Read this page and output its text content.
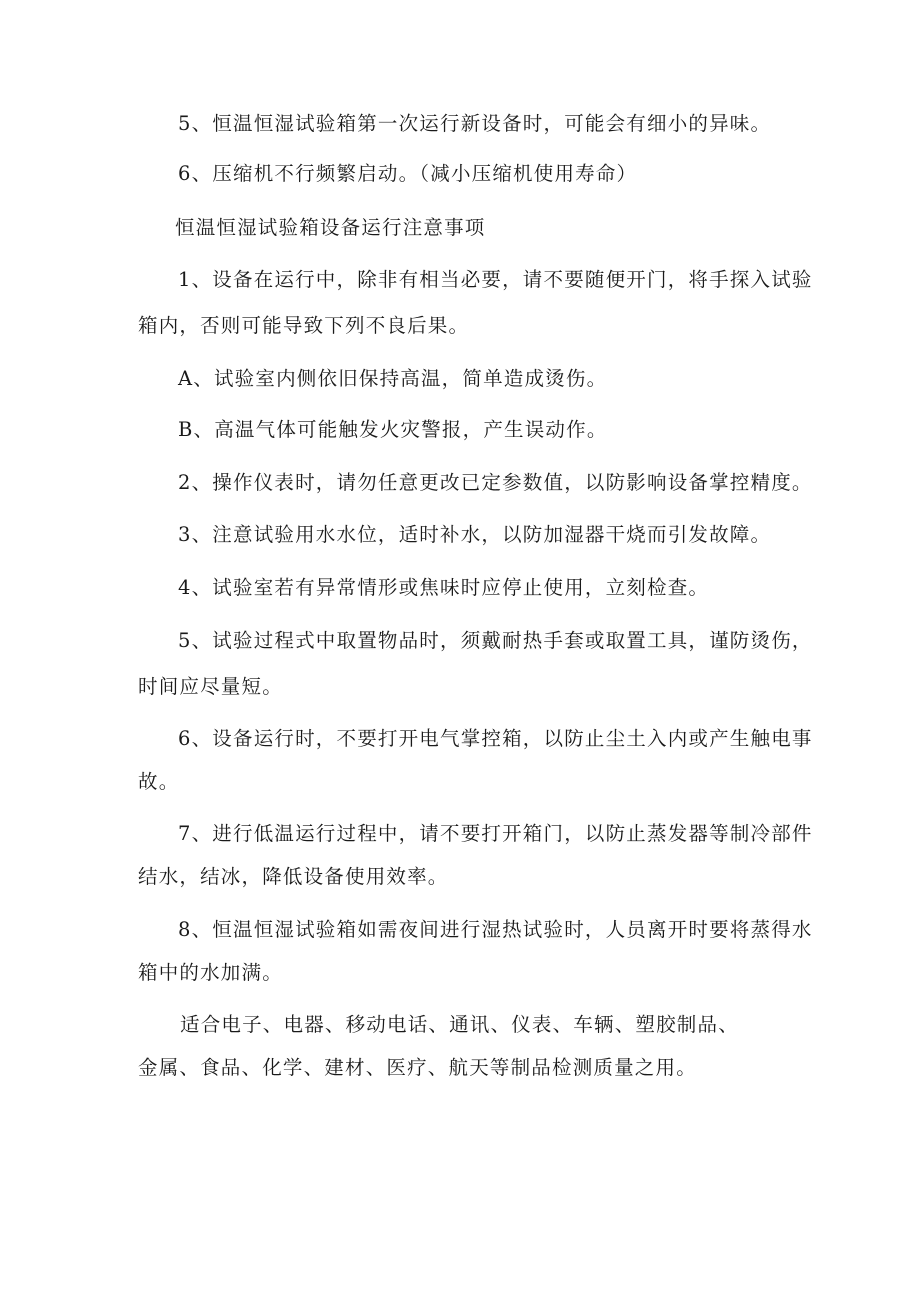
5、恒温恒湿试验箱第一次运行新设备时，可能会有细小的异味。
6、压缩机不行频繁启动。（减小压缩机使用寿命）
恒温恒湿试验箱设备运行注意事项
1、设备在运行中，除非有相当必要，请不要随便开门，将手探入试验
箱内，否则可能导致下列不良后果。
A、试验室内侧依旧保持高温，简单造成烫伤。
B、高温气体可能触发火灾警报，产生误动作。
2、操作仪表时，请勿任意更改已定参数值，以防影响设备掌控精度。
3、注意试验用水水位，适时补水，以防加湿器干烧而引发故障。
4、试验室若有异常情形或焦味时应停止使用，立刻检查。
5、试验过程式中取置物品时，须戴耐热手套或取置工具，谨防烫伤，
时间应尽量短。
6、设备运行时，不要打开电气掌控箱，以防止尘土入内或产生触电事
故。
7、进行低温运行过程中，请不要打开箱门，以防止蒸发器等制冷部件
结水，结冰，降低设备使用效率。
8、恒温恒湿试验箱如需夜间进行湿热试验时，人员离开时要将蒸得水
箱中的水加满。
适合电子、电器、移动电话、通讯、仪表、车辆、塑胶制品、
金属、食品、化学、建材、医疗、航天等制品检测质量之用。
